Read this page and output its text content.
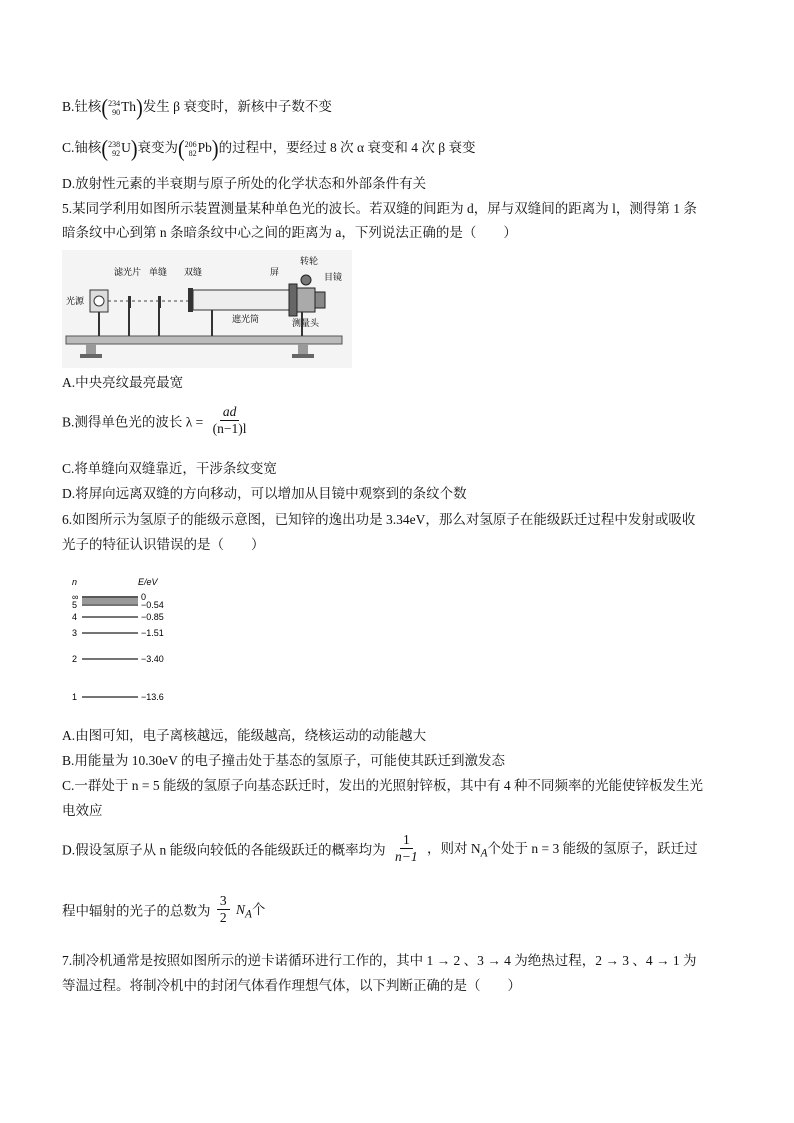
B.钍核( 234
90 Th)发生 β 衰变时，新核中子数不变
C.铀核( 238
92 U)衰变为( 206
82 Pb)的过程中，要经过 8 次 α 衰变和 4 次 β 衰变
D.放射性元素的半衰期与原子所处的化学状态和外部条件有关
5.某同学利用如图所示装置测量某种单色光的波长。若双缝的间距为 d，屏与双缝间的距离为 l，测得第 1 条
暗条纹中心到第 n 条暗条纹中心之间的距离为 a，下列说法正确的是（　　）
滤光片 单缝 双缝	屏
转轮
目镜
光源
遮光筒	测量头
A.中央亮纹最亮最宽
B.测得单色光的波长 $\lambda = \frac{ad}{(n-1)l}$
C.将单缝向双缝靠近，干涉条纹变宽
D.将屏向远离双缝的方向移动，可以增加从目镜中观察到的条纹个数
6.如图所示为氢原子的能级示意图，已知锌的逸出功是 3.34eV，那么对氢原子在能级跃迁过程中发射或吸收
光子的特征认识错误的是（　　）
n	E/eV
∞	0
5	−0.54
4	−0.85
3	−1.51
2	−3.40
1	−13.6
A.由图可知，电子离核越远，能级越高，绕核运动的动能越大
B.用能量为 10.30eV 的电子撞击处于基态的氢原子，可能使其跃迁到激发态
C.一群处于 n = 5 能级的氢原子向基态跃迁时，发出的光照射锌板，其中有 4 种不同频率的光能使锌板发生光
电效应
D.假设氢原子从 n 能级向较低的各能级跃迁的概率均为 $\frac{1}{n-1}$ ，则对 $N_A$个处于 n = 3 能级的氢原子，跃迁过
程中辐射的光子的总数为 $\frac{3}{2} N_A$个
7.制冷机通常是按照如图所示的逆卡诺循环进行工作的，其中 1 → 2 、3 → 4 为绝热过程，2 → 3 、4 → 1 为
等温过程。将制冷机中的封闭气体看作理想气体，以下判断正确的是（　　）
